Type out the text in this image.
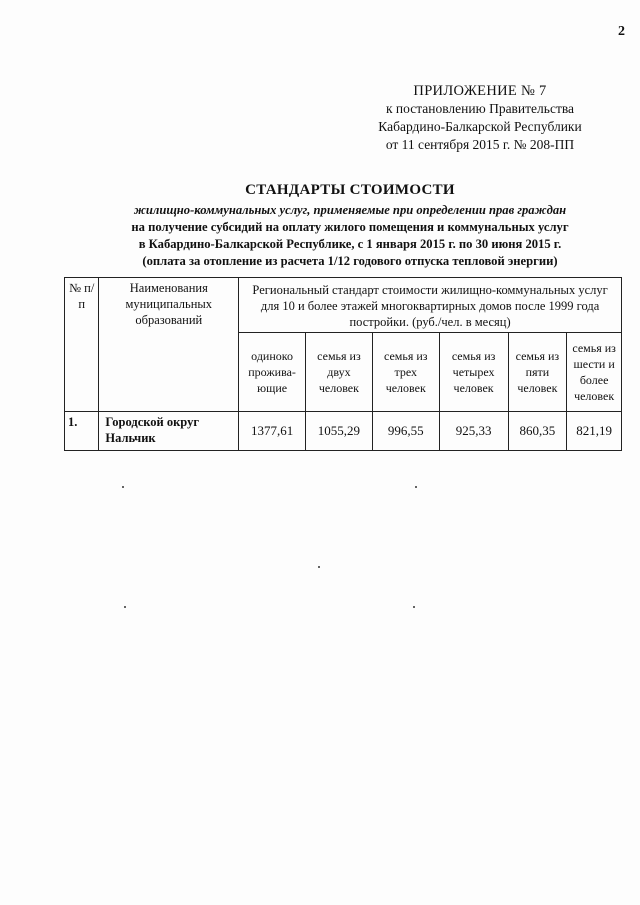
2
ПРИЛОЖЕНИЕ № 7
к постановлению Правительства
Кабардино-Балкарской Республики
от 11 сентября 2015 г. № 208-ПП
СТАНДАРТЫ СТОИМОСТИ
жилищно-коммунальных услуг, применяемые при определении прав граждан
на получение субсидий на оплату жилого помещения и коммунальных услуг
в Кабардино-Балкарской Республике, с 1 января 2015 г. по 30 июня 2015 г.
(оплата за отопление из расчета 1/12 годового отпуска тепловой энергии)
№ п/п	Наименования муниципальных образований	Региональный стандарт стоимости жилищно-коммунальных услуг для 10 и более этажей многоквартирных домов после 1999 года постройки. (руб./чел. в месяц)					
		одиноко прожива-ющие	семья из двух человек	семья из трех человек	семья из четырех человек	семья из пяти человек	семья из шести и более человек
1.	Городской округ Нальчик	1377,61	1055,29	996,55	925,33	860,35	821,19
